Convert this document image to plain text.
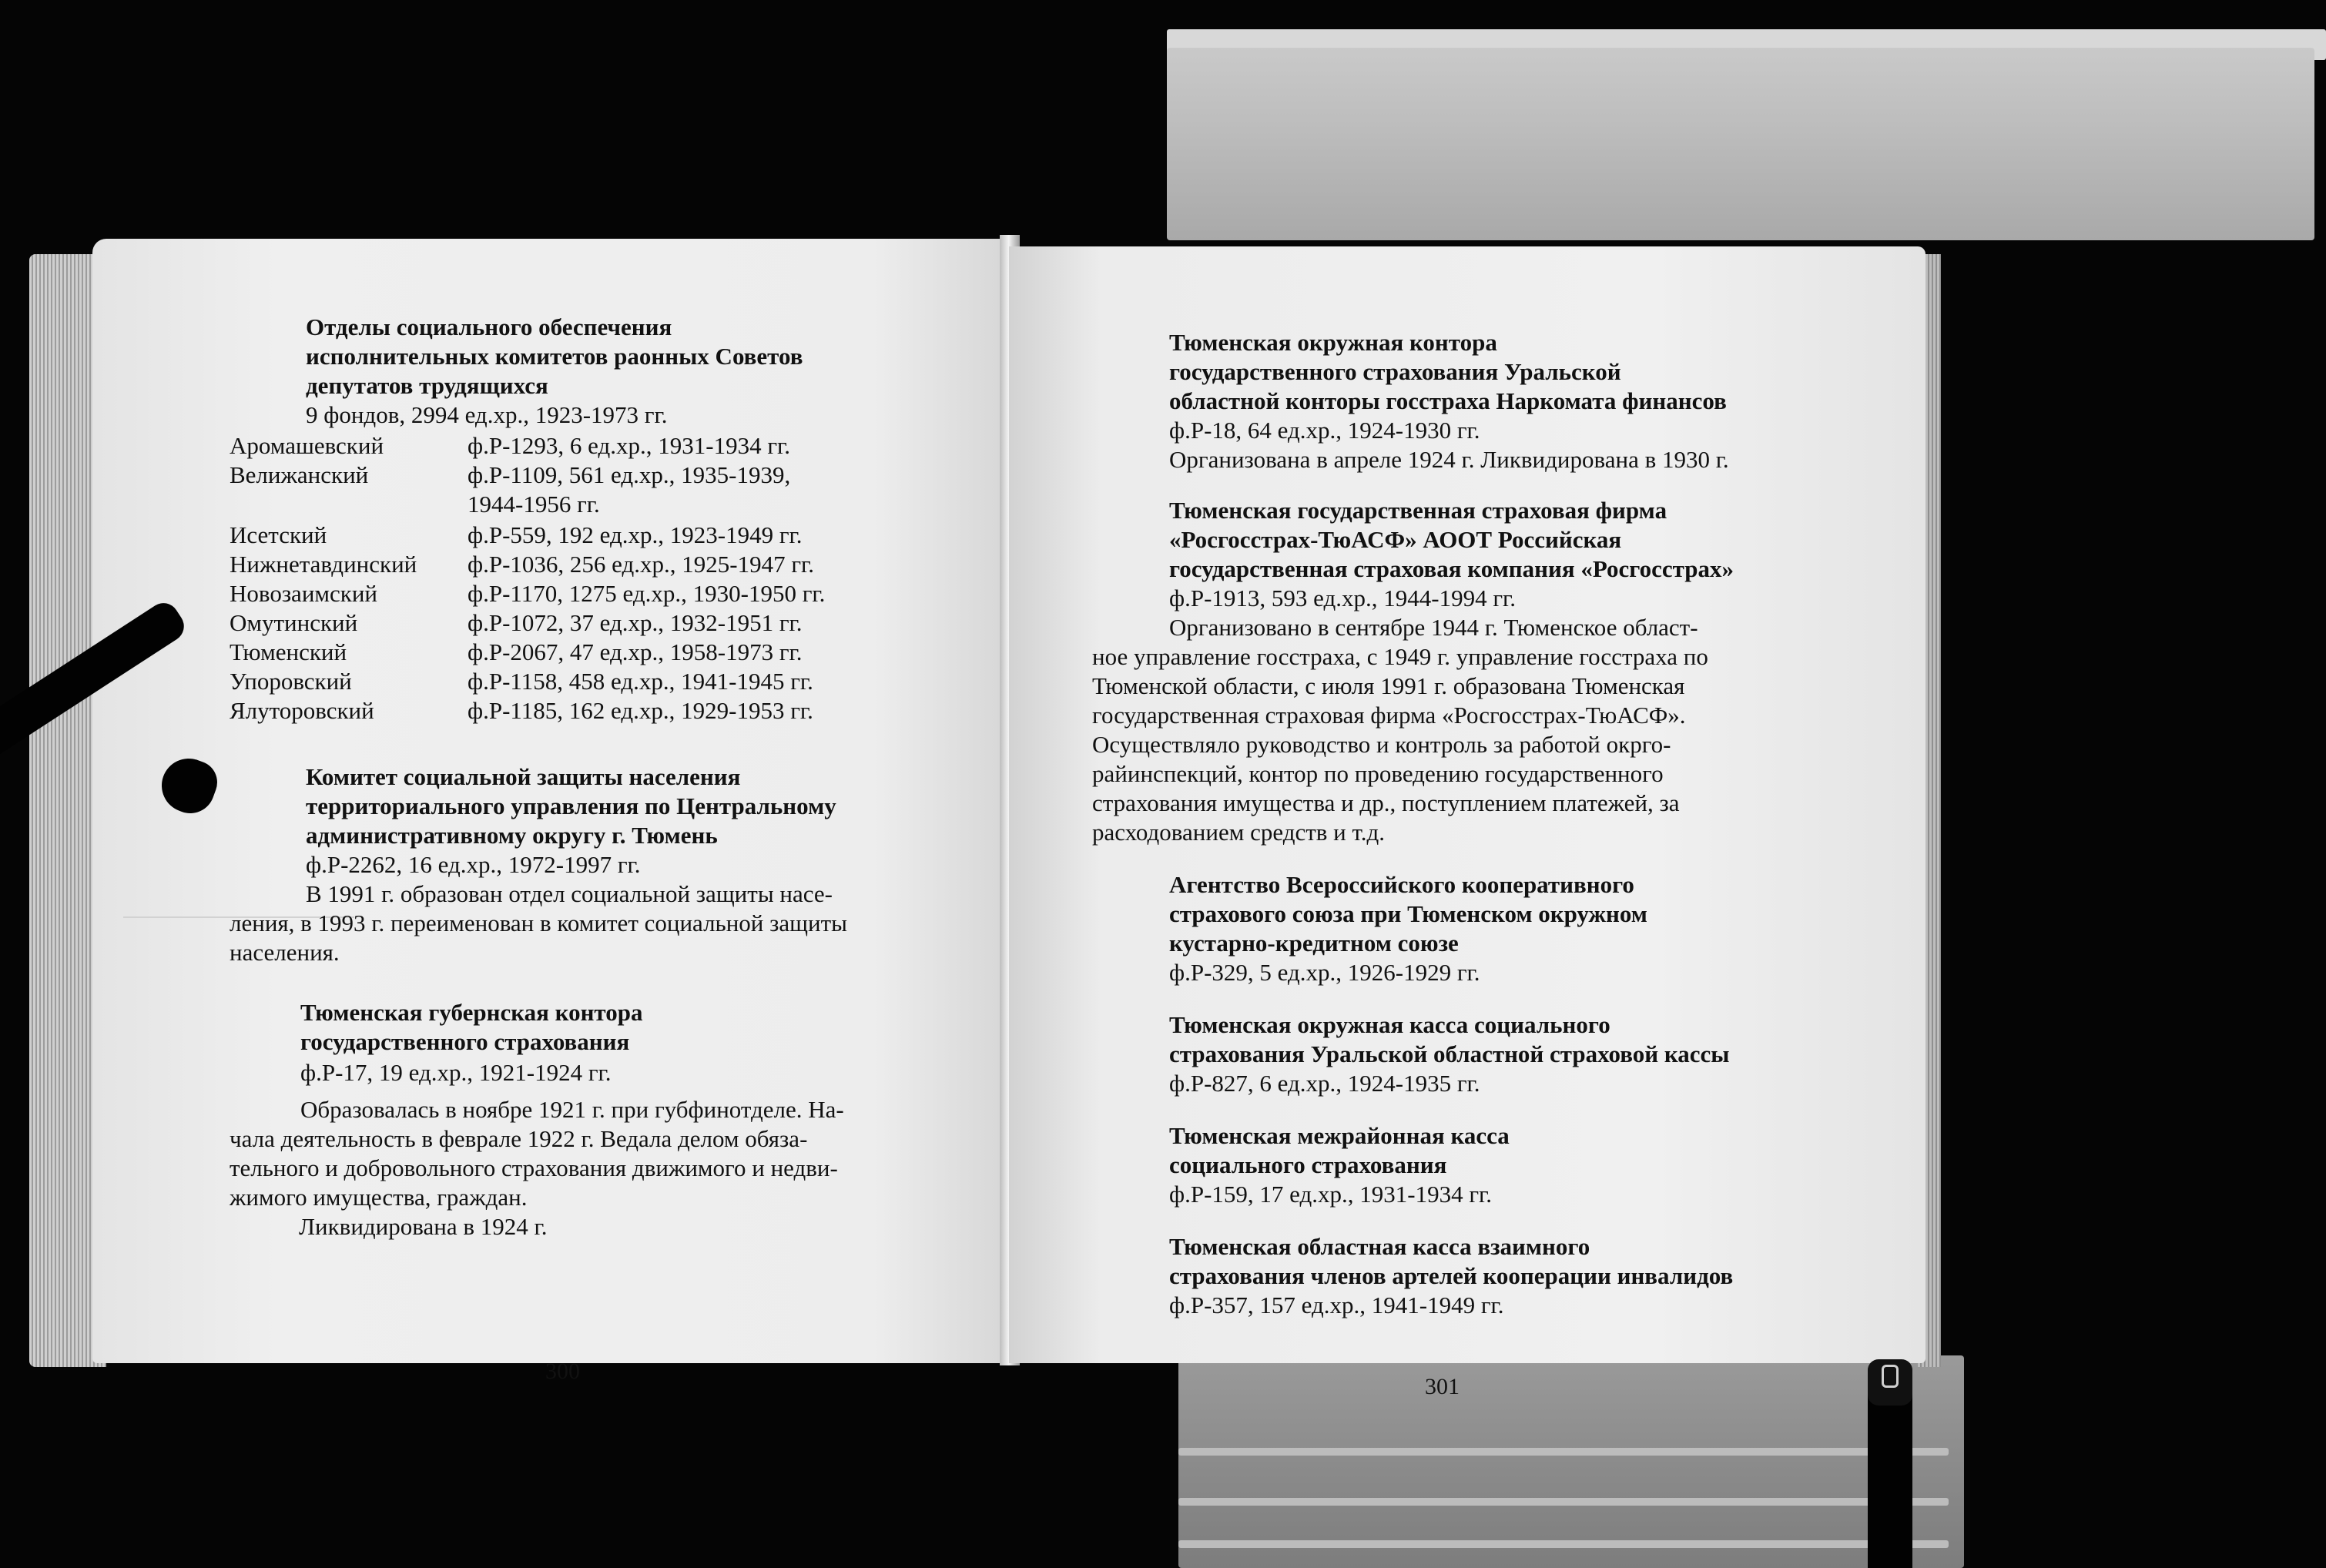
Отделы социального обеспечения
исполнительных комитетов раонных Советов
депутатов трудящихся
9 фондов, 2994 ед.хр., 1923-1973 гг.
Аромашевский	ф.Р-1293, 6 ед.хр., 1931-1934 гг.
Велижанский	ф.Р-1109, 561 ед.хр., 1935-1939,
1944-1956 гг.
Исетский	ф.Р-559, 192 ед.хр., 1923-1949 гг.
Нижнетавдинский ф.Р-1036, 256 ед.хр., 1925-1947 гг.
Новозаимский	ф.Р-1170, 1275 ед.хр., 1930-1950 гг.
Омутинский	ф.Р-1072, 37 ед.хр., 1932-1951 гг.
Тюменский	ф.Р-2067, 47 ед.хр., 1958-1973 гг.
Упоровский	ф.Р-1158, 458 ед.хр., 1941-1945 гг.
Ялуторовский	ф.Р-1185, 162 ед.хр., 1929-1953 гг.
Комитет социальной защиты населения
территориального управления по Центральному
административному округу г. Тюмень
ф.Р-2262, 16 ед.хр., 1972-1997 гг.
В 1991 г. образован отдел социальной защиты насе-
ления, в 1993 г. переименован в комитет социальной защиты
населения.
Тюменская губернская контора
государственного страхования
ф.Р-17, 19 ед.хр., 1921-1924 гг.
Образовалась в ноябре 1921 г. при губфинотделе. На-
чала деятельность в феврале 1922 г. Ведала делом обяза-
тельного и добровольного страхования движимого и недви-
жимого имущества, граждан.
Ликвидирована в 1924 г.
300
Тюменская окружная контора
государственного страхования Уральской
областной конторы госстраха Наркомата финансов
ф.Р-18, 64 ед.хр., 1924-1930 гг.
Организована в апреле 1924 г. Ликвидирована в 1930 г.
Тюменская государственная страховая фирма
«Росгосстрах-ТюАСФ» АООТ Российская
государственная страховая компания «Росгосстрах»
ф.Р-1913, 593 ед.хр., 1944-1994 гг.
Организовано в сентябре 1944 г. Тюменское област-
ное управление госстраха, с 1949 г. управление госстраха по
Тюменской области, с июля 1991 г. образована Тюменская
государственная страховая фирма «Росгосстрах-ТюАСФ».
Осуществляло руководство и контроль за работой окрго-
райинспекций, контор по проведению государственного
страхования имущества и др., поступлением платежей, за
расходованием средств и т.д.
Агентство Всероссийского кооперативного
страхового союза при Тюменском окружном
кустарно-кредитном союзе
ф.Р-329, 5 ед.хр., 1926-1929 гг.
Тюменская окружная касса социального
страхования Уральской областной страховой кассы
ф.Р-827, 6 ед.хр., 1924-1935 гг.
Тюменская межрайонная касса
социального страхования
ф.Р-159, 17 ед.хр., 1931-1934 гг.
Тюменская областная касса взаимного
страхования членов артелей кооперации инвалидов
ф.Р-357, 157 ед.хр., 1941-1949 гг.
301
